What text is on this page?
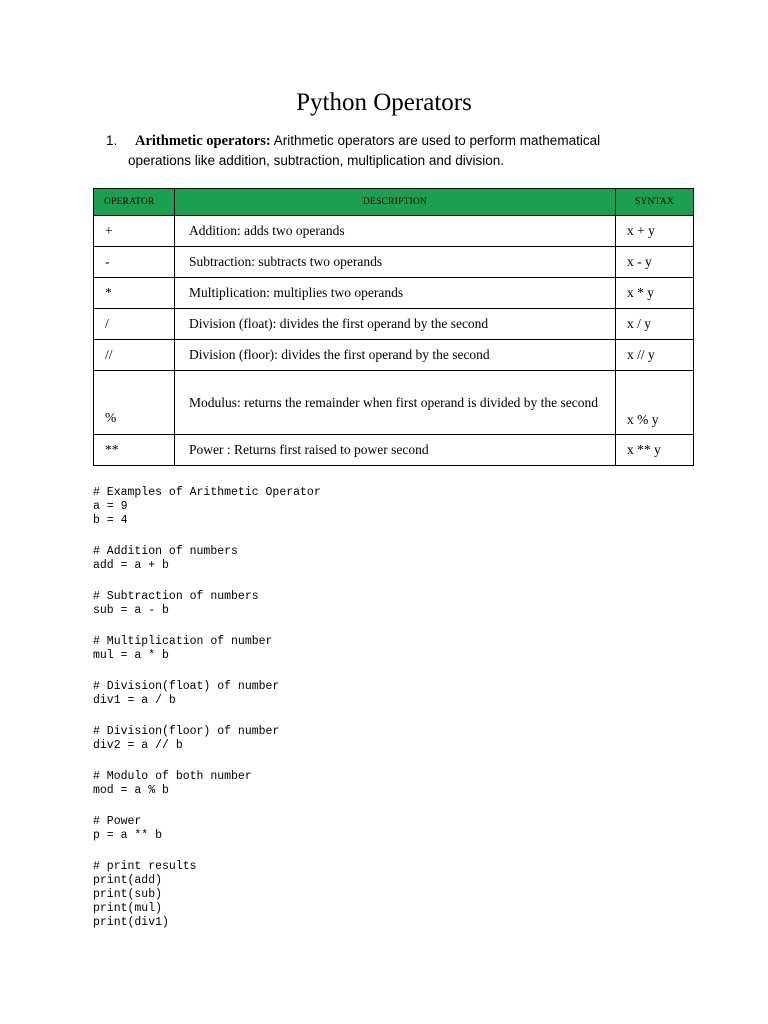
Python Operators
1. Arithmetic operators: Arithmetic operators are used to perform mathematical
operations like addition, subtraction, multiplication and division.
OPERATOR	DESCRIPTION	SYNTAX
+	Addition: adds two operands	x + y
-	Subtraction: subtracts two operands	x - y
*	Multiplication: multiplies two operands	x * y
/	Division (float): divides the first operand by the second	x / y
//	Division (floor): divides the first operand by the second	x // y
%	Modulus: returns the remainder when first operand is divided by the second	x % y
**	Power : Returns first raised to power second	x ** y
# Examples of Arithmetic Operator
a = 9
b = 4
# Addition of numbers
add = a + b
# Subtraction of numbers
sub = a - b
# Multiplication of number
mul = a * b
# Division(float) of number
div1 = a / b
# Division(floor) of number
div2 = a // b
# Modulo of both number
mod = a % b
# Power
p = a ** b
# print results
print(add)
print(sub)
print(mul)
print(div1)
